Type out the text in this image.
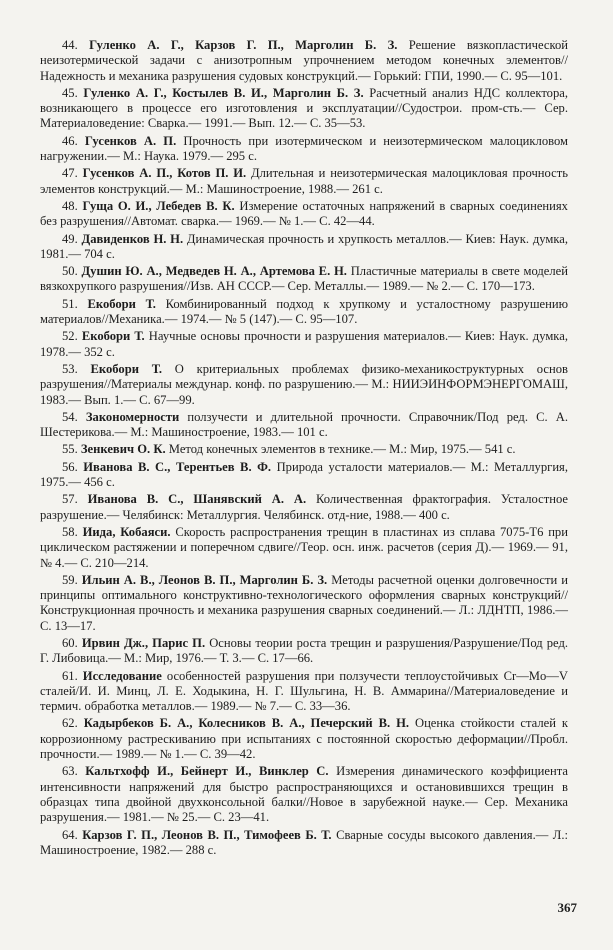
44. Гуленко А. Г., Карзов Г. П., Марголин Б. З. Решение вязкопластической неизотермической задачи с анизотропным упрочнением методом конечных элементов//Надежность и механика разрушения судовых конструкций.— Горький: ГПИ, 1990.— С. 95—101.

45. Гуленко А. Г., Костылев В. И., Марголин Б. З. Расчетный анализ НДС коллектора, возникающего в процессе его изготовления и эксплуатации//Судострои. пром-сть.— Сер. Материаловедение: Сварка.— 1991.— Вып. 12.— С. 35—53.

46. Гусенков А. П. Прочность при изотермическом и неизотермическом малоцикловом нагружении.— М.: Наука. 1979.— 295 с.

47. Гусенков А. П., Котов П. И. Длительная и неизотермическая малоцикловая прочность элементов конструкций.— М.: Машиностроение, 1988.— 261 с.

48. Гуща О. И., Лебедев В. К. Измерение остаточных напряжений в сварных соединениях без разрушения//Автомат. сварка.— 1969.— № 1.— С. 42—44.

49. Давиденков Н. Н. Динамическая прочность и хрупкость металлов.— Киев: Наук. думка, 1981.— 704 с.

50. Душин Ю. А., Медведев Н. А., Артемова Е. Н. Пластичные материалы в свете моделей вязкохрупкого разрушения//Изв. АН СССР.— Сер. Металлы.— 1989.— № 2.— С. 170—173.

51. Екобори Т. Комбинированный подход к хрупкому и усталостному разрушению материалов//Механика.— 1974.— № 5 (147).— С. 95—107.

52. Екобори Т. Научные основы прочности и разрушения материалов.— Киев: Наук. думка, 1978.— 352 с.

53. Екобори Т. О критериальных проблемах физико-механикоструктурных основ разрушения//Материалы междунар. конф. по разрушению.— М.: НИИЭИНФОРМЭНЕРГОМАШ, 1983.— Вып. 1.— С. 67—99.

54. Закономерности ползучести и длительной прочности. Справочник/Под ред. С. А. Шестерикова.— М.: Машиностроение, 1983.— 101 с.

55. Зенкевич О. К. Метод конечных элементов в технике.— М.: Мир, 1975.— 541 с.

56. Иванова В. С., Терентьев В. Ф. Природа усталости материалов.— М.: Металлургия, 1975.— 456 с.

57. Иванова В. С., Шанявский А. А. Количественная фрактография. Усталостное разрушение.— Челябинск: Металлургия. Челябинск. отд-ние, 1988.— 400 с.

58. Иида, Кобаяси. Скорость распространения трещин в пластинах из сплава 7075-Т6 при циклическом растяжении и поперечном сдвиге//Теор. осн. инж. расчетов (серия Д).— 1969.— 91, № 4.— С. 210—214.

59. Ильин А. В., Леонов В. П., Марголин Б. З. Методы расчетной оценки долговечности и принципы оптимального конструктивно-технологического оформления сварных конструкций//Конструкционная прочность и механика разрушения сварных соединений.— Л.: ЛДНТП, 1986.— С. 13—17.

60. Ирвин Дж., Парис П. Основы теории роста трещин и разрушения/Разрушение/Под ред. Г. Либовица.— М.: Мир, 1976.— Т. 3.— С. 17—66.

61. Исследование особенностей разрушения при ползучести теплоустойчивых Cr—Mo—V сталей/И. И. Минц, Л. Е. Ходыкина, Н. Г. Шульгина, Н. В. Аммарина//Материаловедение и термич. обработка металлов.— 1989.— № 7.— С. 33—36.

62. Кадырбеков Б. А., Колесников В. А., Печерский В. Н. Оценка стойкости сталей к коррозионному растрескиванию при испытаниях с постоянной скоростью деформации//Пробл. прочности.— 1989.— № 1.— С. 39—42.

63. Кальтхофф И., Бейнерт И., Винклер С. Измерения динамического коэффициента интенсивности напряжений для быстро распространяющихся и остановившихся трещин в образцах типа двойной двухконсольной балки//Новое в зарубежной науке.— Сер. Механика разрушения.— 1981.— № 25.— С. 23—41.

64. Карзов Г. П., Леонов В. П., Тимофеев Б. Т. Сварные сосуды высокого давления.— Л.: Машиностроение, 1982.— 288 с.

367
